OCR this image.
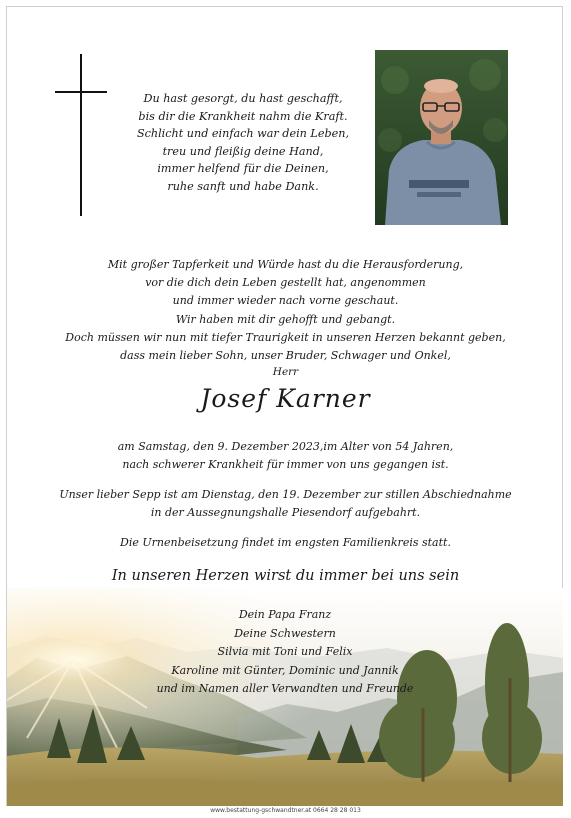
Du hast gesorgt, du hast geschafft,
bis dir die Krankheit nahm die Kraft.
Schlicht und einfach war dein Leben,
treu und fleißig deine Hand,
immer helfend für die Deinen,
ruhe sanft und habe Dank.
Mit großer Tapferkeit und Würde hast du die Herausforderung,
vor die dich dein Leben gestellt hat, angenommen
und immer wieder nach vorne geschaut.
Wir haben mit dir gehofft und gebangt.
Doch müssen wir nun mit tiefer Traurigkeit in unseren Herzen bekannt geben,
dass mein lieber Sohn, unser Bruder, Schwager und Onkel,
Herr
Josef Karner
am Samstag, den 9. Dezember 2023,im Alter von 54 Jahren,
nach schwerer Krankheit für immer von uns gegangen ist.
Unser lieber Sepp ist am Dienstag, den 19. Dezember zur stillen Abschiednahme
in der Aussegnungshalle Piesendorf aufgebahrt.
Die Urnenbeisetzung findet im engsten Familienkreis statt.
In unseren Herzen wirst du immer bei uns sein
Dein Papa Franz
Deine Schwestern
Silvia mit Toni und Felix
Karoline mit Günter, Dominic und Jannik
und im Namen aller Verwandten und Freunde
www.bestattung-gschwandtner.at 0664 28 28 013
